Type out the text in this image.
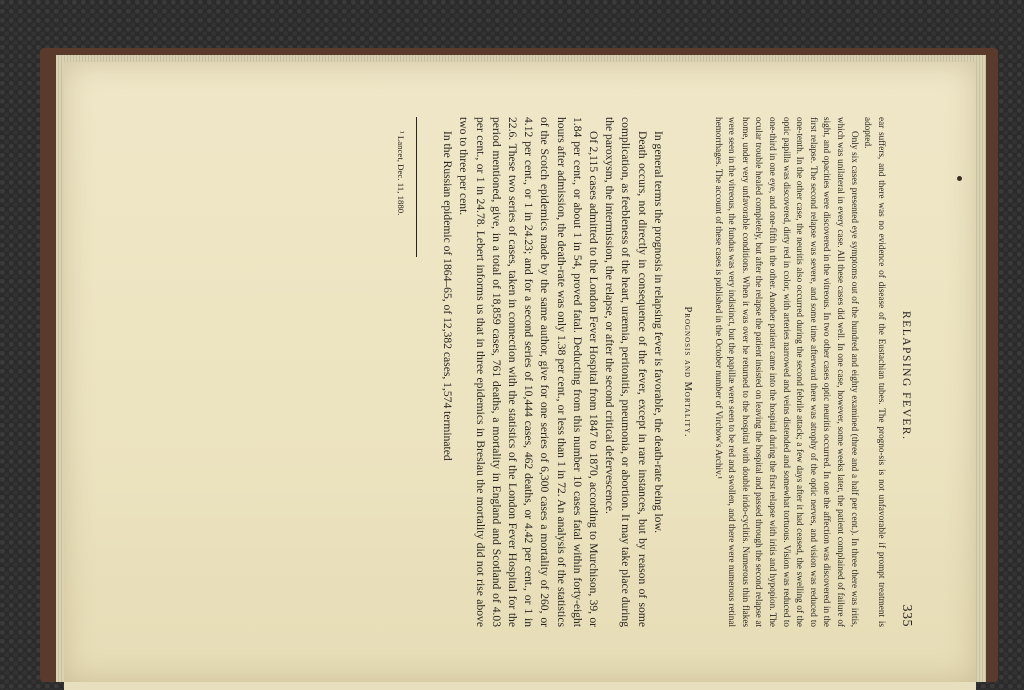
RELAPSING FEVER.
335

ear suffers, and there was no evidence of disease of the Eustachian tubes. The progno-sis is not unfavorable if prompt treatment is adopted.

Only six cases presented eye symptoms out of the hundred and eighty examined (three and a half per cent.). In three there was iritis, which was unilateral in every case. All these cases did well. In one case, however, some weeks later, the patient complained of failure of sight, and opacities were discovered in the vitreous. In two other cases optic neuritis occurred. In one the affection was discovered in the first relapse. The second relapse was severe, and some time afterward there was atrophy of the optic nerves, and vision was reduced to one-tenth. In the other case, the neuritis also occurred during the second febrile attack; a few days after it had ceased, the swelling of the optic papilla was discovered, dirty red in color, with arteries narrowed and veins distended and somewhat tortuous. Vision was reduced to one-third in one eye, and one-fifth in the other. Another patient came into the hospital during the first relapse with iritis and hypopion. The ocular trouble healed completely, but after the relapse the patient insisted on leaving the hospital and passed through the second relapse at home, under very unfavorable conditions. When it was over he returned to the hospital with double irido-cyclitis. Numerous thin flakes were seen in the vitreous, the fundus was very indistinct, but the papillæ were seen to be red and swollen, and there were numerous retinal hemorrhages. The account of these cases is published in the October number of Virchow's Archiv.¹

Prognosis and Mortality.

In general terms the prognosis in relapsing fever is favorable, the death-rate being low.

Death occurs, not directly in consequence of the fever, except in rare instances, but by reason of some complication, as feebleness of the heart, uræmia, peritonitis, pneumonia, or abortion. It may take place during the paroxysm, the intermission, the relapse, or after the second critical defervescence.

Of 2,115 cases admitted to the London Fever Hospital from 1847 to 1870, according to Murchison, 39, or 1.84 per cent., or about 1 in 54, proved fatal. Deducting from this number 10 cases fatal within forty-eight hours after admission, the death-rate was only 1.38 per cent., or less than 1 in 72. An analysis of the statistics of the Scotch epidemics made by the same author, give for one series of 6,300 cases a mortality of 260, or 4.12 per cent., or 1 in 24.23; and for a second series of 10,444 cases, 462 deaths, or 4.42 per cent., or 1 in 22.6. These two series of cases, taken in connection with the statistics of the London Fever Hospital for the period mentioned, give, in a total of 18,859 cases, 761 deaths, a mortality in England and Scotland of 4.03 per cent., or 1 in 24.78. Lebert informs us that in three epidemics in Breslau the mortality did not rise above two to three per cent.

In the Russian epidemic of 1864–65, of 12,382 cases, 1,574 terminated

¹ Lancet, Dec. 11, 1880.
